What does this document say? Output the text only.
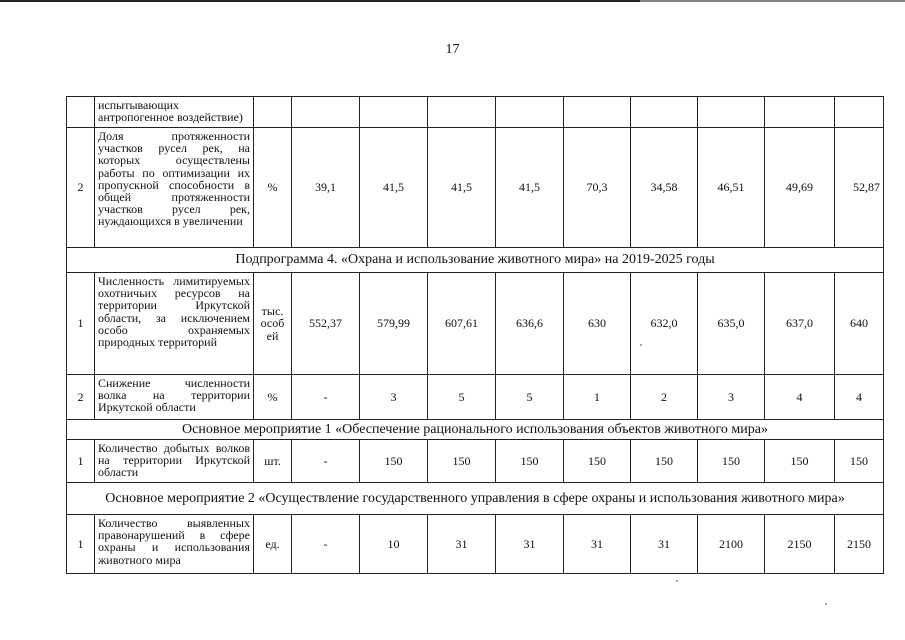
17
	испытывающих антропогенное воздействие)										
2	Доля протяженности участков русел рек, на которых осуществлены работы по оптимизации их пропускной способности в общей протяженности участков русел рек, нуждающихся в увеличении	%	39,1	41,5	41,5	41,5	70,3	34,58	46,51	49,69	52,87
Подпрограмма 4. «Охрана и использование животного мира» на 2019-2025 годы											
1	Численность лимитируемых охотничьих ресурсов на территории Иркутской области, за исключением особо охраняемых природных территорий	тыс. особ ей	552,37	579,99	607,61	636,6	630	632,0	635,0	637,0	640
2	Снижение численности волка на территории Иркутской области	%	-	3	5	5	1	2	3	4	4
Основное мероприятие 1 «Обеспечение рационального использования объектов животного мира»											
1	Количество добытых волков на территории Иркутской области	шт.	-	150	150	150	150	150	150	150	150
Основное мероприятие 2 «Осуществление государственного управления в сфере охраны и использования животного мира»											
1	Количество выявленных правонарушений в сфере охраны и использования животного мира	ед.	-	10	31	31	31	31	2100	2150	2150
